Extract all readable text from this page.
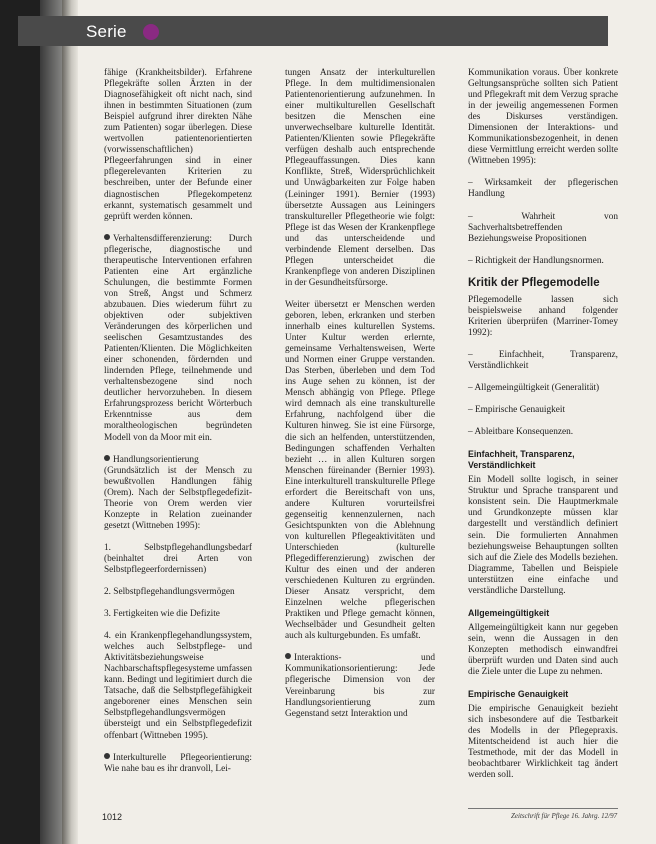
Serie

fähige (Krankheitsbilder). Erfahrene Pflegekräfte sollen Ärzten in der Diagnosefähigkeit oft nicht nach, sind ihnen in bestimmten Situationen (zum Beispiel aufgrund ihrer direkten Nähe zum Patienten) sogar überlegen. Diese wertvollen patientenorientierten (vorwissenschaftlichen) Pflegeerfahrungen sind in einer pflegerelevanten Kriterien zu beschreiben, unter der Befunde einer diagnostischen Pflegekompetenz erkannt, systematisch gesammelt und geprüft werden können.

Verhaltensdifferenzierung: Durch pflegerische, diagnostische und therapeutische Interventionen erfahren Patienten eine Art ergänzliche Schulungen, die bestimmte Formen von Streß, Angst und Schmerz abzubauen. Dies wiederum führt zu objektiven oder subjektiven Veränderungen des körperlichen und seelischen Gesamtzustandes des Patienten/Klienten. Die Möglichkeiten einer schonenden, fördernden und lindernden Pflege, teilnehmende und verhaltensbezogene sind noch deutlicher hervorzuheben. In diesem Erfahrungsprozess bericht Wörterbuch Erkenntnisse aus dem moraltheologischen begründeten Modell von da Moor mit ein.

Handlungsorientierung (Grundsätzlich ist der Mensch zu bewußtvollen Handlungen fähig (Orem). Nach der Selbstpflegedefizit-Theorie von Orem werden vier Konzepte in Relation zueinander gesetzt (Wittneben 1995):

1. Selbstpflegehandlungsbedarf (beinhaltet drei Arten von Selbstpflegeerfordernissen)

2. Selbstpflegehandlungsvermögen

3. Fertigkeiten wie die Defizite

4. ein Krankenpflegehandlungssystem, welches auch Selbstpflege- und Aktivitätsbeziehungsweise Nachbarschaftspflegesysteme umfassen kann. Bedingt und legitimiert durch die Tatsache, daß die Selbstpflegefähigkeit angeborener eines Menschen sein Selbstpflegehandlungsvermögen übersteigt und ein Selbstpflegedefizit offenbart (Wittneben 1995).

Interkulturelle Pflegeorientierung: Wie nahe bau es ihr dranvoll, Lei-

tungen Ansatz der interkulturellen Pflege. In dem multidimensionalen Patientenorientierung aufzunehmen. In einer multikulturellen Gesellschaft besitzen die Menschen eine unverwechselbare kulturelle Identität. Patienten/Klienten sowie Pflegekräfte verfügen deshalb auch entsprechende Pflegeauffassungen. Dies kann Konflikte, Streß, Widersprüchlichkeit und Unwägbarkeiten zur Folge haben (Leininger 1991). Bernier (1993) übersetzte Aussagen aus Leiningers transkultureller Pflegetheorie wie folgt: Pflege ist das Wesen der Krankenpflege und das unterscheidende und verbindende Element derselben. Das Pflegen unterscheidet die Krankenpflege von anderen Disziplinen in der Gesundheitsfürsorge.

Weiter übersetzt er Menschen werden geboren, leben, erkranken und sterben innerhalb eines kulturellen Systems. Unter Kultur werden erlernte, gemeinsame Verhaltensweisen, Werte und Normen einer Gruppe verstanden. Das Sterben, überleben und dem Tod ins Auge sehen zu können, ist der Mensch abhängig von Pflege. Pflege wird demnach als eine transkulturelle Erfahrung, nachfolgend über die Kulturen hinweg. Sie ist eine Fürsorge, die sich an helfenden, unterstützenden, Bedingungen schaffenden Verhalten bezieht … in allen Kulturen sorgen Menschen füreinander (Bernier 1993). Eine interkulturell transkulturelle Pflege erfordert die Bereitschaft von uns, andere Kulturen vorurteilsfrei gegenseitig kennenzulernen, nach Gesichtspunkten von die Ablehnung von kulturellen Pflegeaktivitäten und Unterschieden (kulturelle Pflegedifferenzierung) zwischen der Kultur des einen und der anderen verschiedenen Kulturen zu ergründen. Dieser Ansatz verspricht, dem Einzelnen welche pflegerischen Praktiken und Pflege gemacht können, Wechselbäder und Gesundheit gelten auch als kulturgebunden. Es umfaßt.

Interaktions- und Kommunikationsorientierung: Jede pflegerische Dimension von der Vereinbarung bis zur Handlungsorientierung zum Gegenstand setzt Interaktion und

Kommunikation voraus. Über konkrete Geltungsansprüche sollten sich Patient und Pflegekraft mit dem Verzug sprache in der jeweilig angemessenen Formen des Diskurses verständigen. Dimensionen der Interaktions- und Kommunikationsbezogenheit, in denen diese Vermittlung erreicht werden sollte (Wittneben 1995):

– Wirksamkeit der pflegerischen Handlung

– Wahrheit von Sachverhaltsbetreffenden Beziehungsweise Propositionen

– Richtigkeit der Handlungsnormen.

Kritik der Pflegemodelle

Pflegemodelle lassen sich beispielsweise anhand folgender Kriterien überprüfen (Marriner-Tomey 1992):

– Einfachheit, Transparenz, Verständlichkeit

– Allgemeingültigkeit (Generalität)

– Empirische Genauigkeit

– Ableitbare Konsequenzen.

Einfachheit, Transparenz, Verständlichkeit

Ein Modell sollte logisch, in seiner Struktur und Sprache transparent und konsistent sein. Die Hauptmerkmale und Grundkonzepte müssen klar dargestellt und verständlich definiert sein. Die formulierten Annahmen beziehungsweise Behauptungen sollten sich auf die Ziele des Modells beziehen. Diagramme, Tabellen und Beispiele unterstützen eine einfache und verständliche Darstellung.

Allgemeingültigkeit

Allgemeingültigkeit kann nur gegeben sein, wenn die Aussagen in den Konzepten methodisch einwandfrei überprüft wurden und Daten sind auch die Ziele unter die Lupe zu nehmen.

Empirische Genauigkeit

Die empirische Genauigkeit bezieht sich insbesondere auf die Testbarkeit des Modells in der Pflegepraxis. Mitentscheidend ist auch hier die Testmethode, mit der das Modell in beobachtbarer Wirklichkeit tag ändert werden soll.

1012	Zeitschrift für Pflege 16. Jahrg. 12/97
